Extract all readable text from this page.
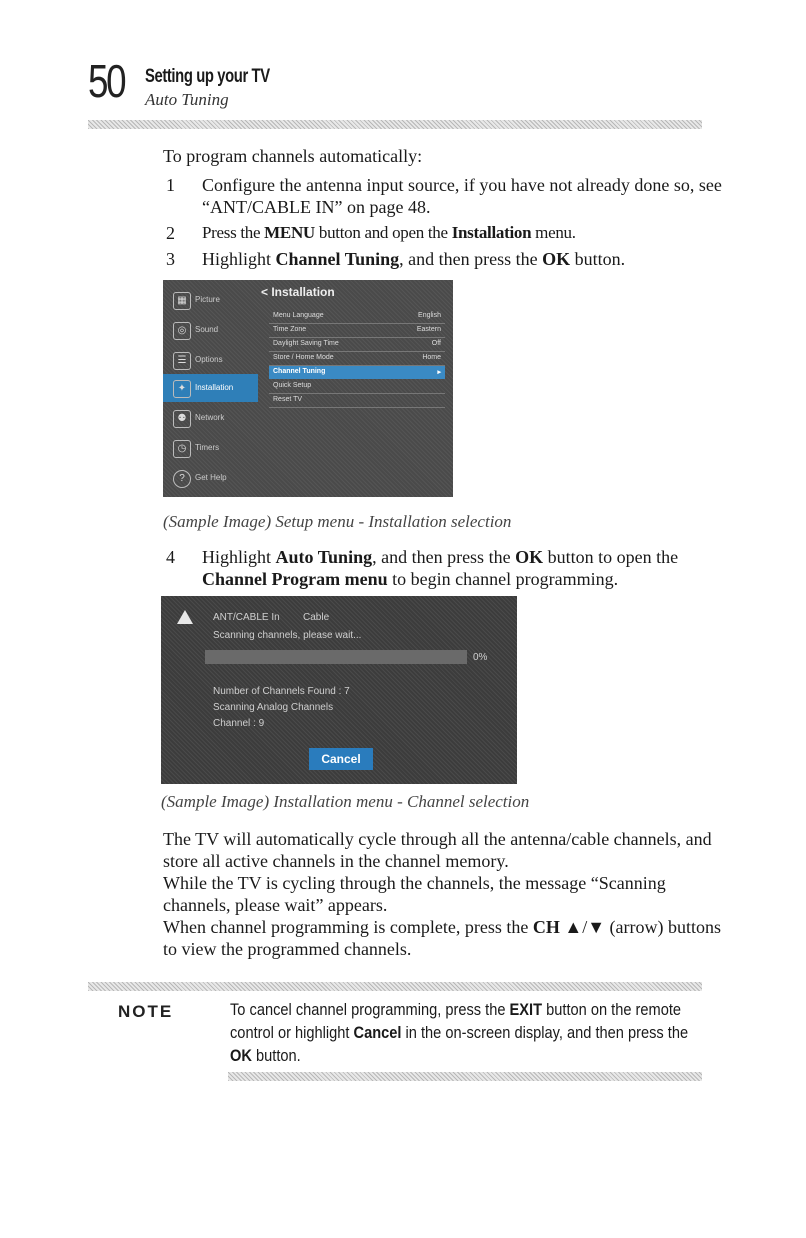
50 Setting up your TV
Auto Tuning
To program channels automatically:
1 Configure the antenna input source, if you have not already done so, see “ANT/CABLE IN” on page 48.
2 Press the MENU button and open the Installation menu.
3 Highlight Channel Tuning, and then press the OK button.
▦	Picture
◎	Sound
☰	Options
✦	Installation
⚉	Network
◷	Timers
?	Get Help
< Installation
Menu Language	English
Time Zone	Eastern
Daylight Saving Time	Off
Store / Home Mode	Home
Channel Tuning	▸
Quick Setup
Reset TV
(Sample Image) Setup menu - Installation selection
4 Highlight Auto Tuning, and then press the OK button to open the Channel Program menu to begin channel programming.
ANT/CABLE In Cable
Scanning channels, please wait...
0%
Number of Channels Found : 7
Scanning Analog Channels
Channel : 9
Cancel
(Sample Image) Installation menu - Channel selection
The TV will automatically cycle through all the antenna/cable channels, and store all active channels in the channel memory.
While the TV is cycling through the channels, the message “Scanning channels, please wait” appears.
When channel programming is complete, press the CH ▲/▼ (arrow) buttons to view the programmed channels.
NOTE	To cancel channel programming, press the EXIT button on the remote control or highlight Cancel in the on-screen display, and then press the OK button.
